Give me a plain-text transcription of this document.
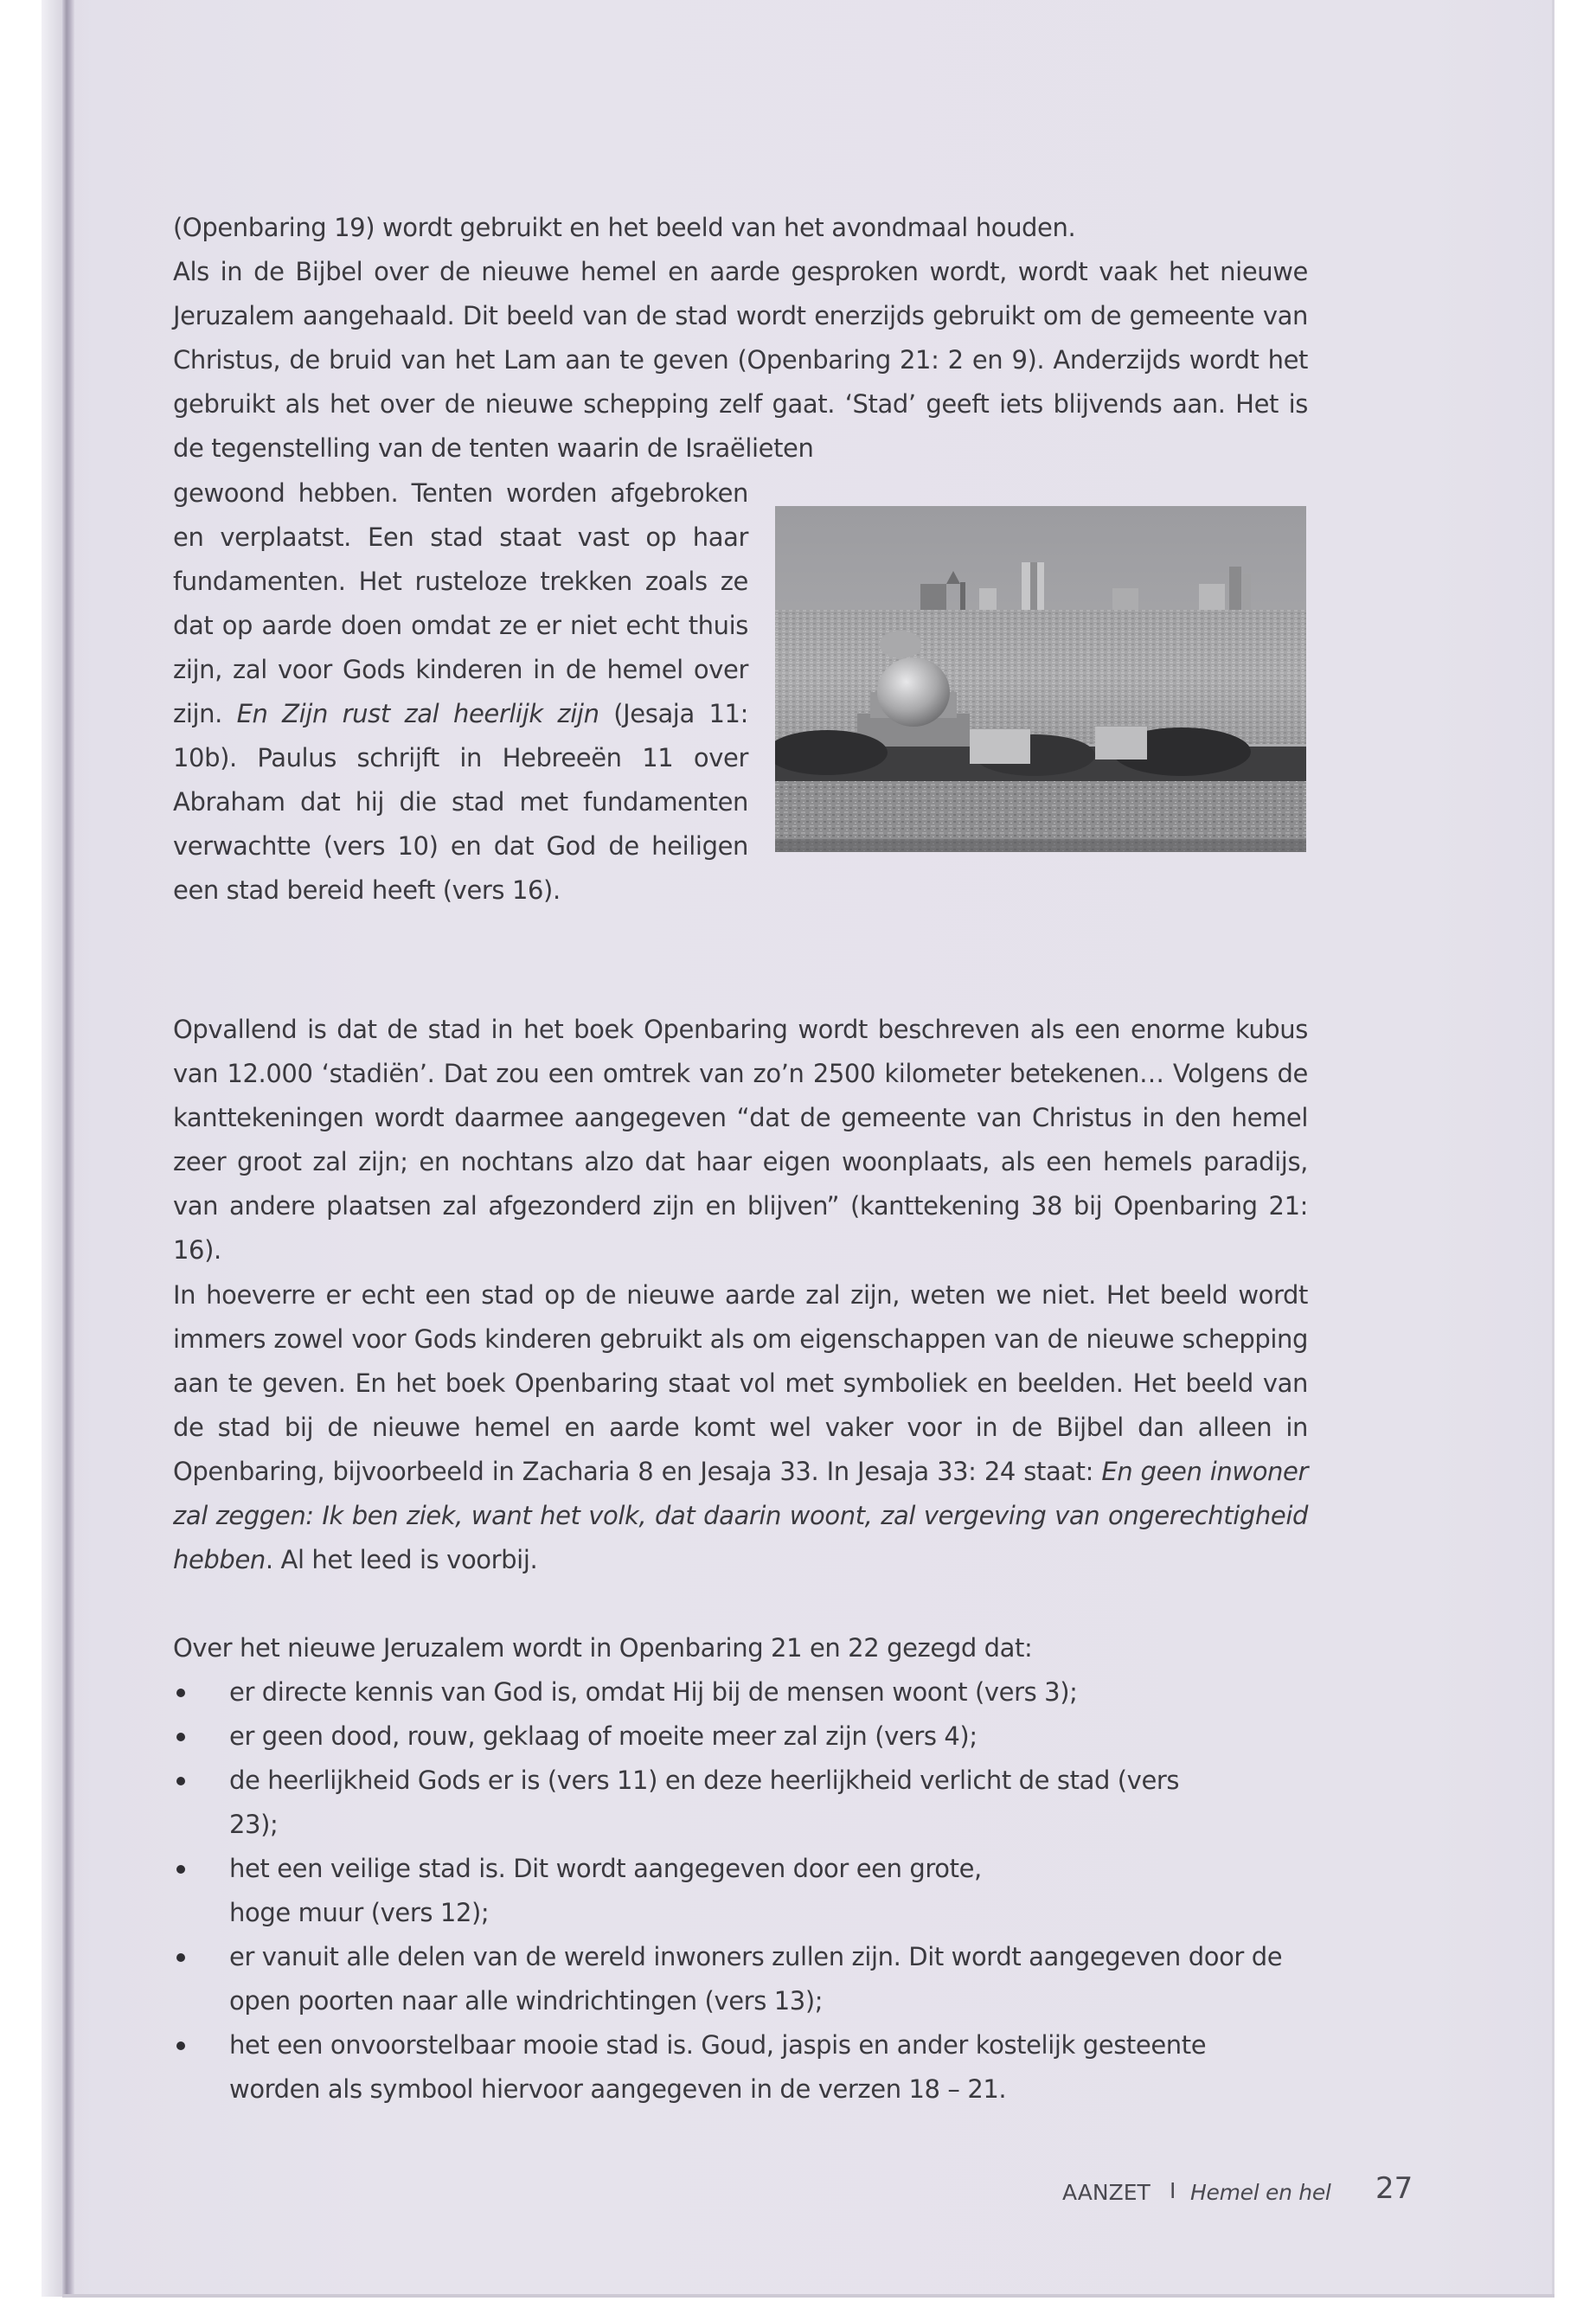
(Openbaring 19) wordt gebruikt en het beeld van het avondmaal houden.

Als in de Bijbel over de nieuwe hemel en aarde gesproken wordt, wordt vaak het nieuwe Jeruzalem aangehaald. Dit beeld van de stad wordt enerzijds gebruikt om de gemeente van Christus, de bruid van het Lam aan te geven (Openbaring 21: 2 en 9). Anderzijds wordt het gebruikt als het over de nieuwe schepping zelf gaat. ‘Stad’ geeft iets blijvends aan. Het is de tegenstelling van de tenten waarin de Israëlieten

gewoond hebben. Tenten worden afgebroken en verplaatst. Een stad staat vast op haar fundamenten. Het rusteloze trekken zoals ze dat op aarde doen omdat ze er niet echt thuis zijn, zal voor Gods kinderen in de hemel over zijn. En Zijn rust zal heerlijk zijn (Jesaja 11: 10b). Paulus schrijft in Hebreeën 11 over Abraham dat hij die stad met fundamenten verwachtte (vers 10) en dat God de heiligen een stad bereid heeft (vers 16).

Opvallend is dat de stad in het boek Openbaring wordt beschreven als een enorme kubus van 12.000 ‘stadiën’. Dat zou een omtrek van zo’n 2500 kilometer betekenen… Volgens de kanttekeningen wordt daarmee aangegeven “dat de gemeente van Christus in den hemel zeer groot zal zijn; en nochtans alzo dat haar eigen woonplaats, als een hemels paradijs, van andere plaatsen zal afgezonderd zijn en blijven” (kanttekening 38 bij Openbaring 21: 16).

In hoeverre er echt een stad op de nieuwe aarde zal zijn, weten we niet. Het beeld wordt immers zowel voor Gods kinderen gebruikt als om eigenschappen van de nieuwe schepping aan te geven. En het boek Openbaring staat vol met symboliek en beelden. Het beeld van de stad bij de nieuwe hemel en aarde komt wel vaker voor in de Bijbel dan alleen in Openbaring, bijvoorbeeld in Zacharia 8 en Jesaja 33. In Jesaja 33: 24 staat: En geen inwoner zal zeggen: Ik ben ziek, want het volk, dat daarin woont, zal vergeving van ongerechtigheid hebben. Al het leed is voorbij.

Over het nieuwe Jeruzalem wordt in Openbaring 21 en 22 gezegd dat:

er directe kennis van God is, omdat Hij bij de mensen woont (vers 3);
er geen dood, rouw, geklaag of moeite meer zal zijn (vers 4);
de heerlijkheid Gods er is (vers 11) en deze heerlijkheid verlicht de stad (vers 23);
het een veilige stad is. Dit wordt aangegeven door een grote, hoge muur (vers 12);
er vanuit alle delen van de wereld inwoners zullen zijn. Dit wordt aangegeven door de open poorten naar alle windrichtingen (vers 13);
het een onvoorstelbaar mooie stad is. Goud, jaspis en ander kostelijk gesteente worden als symbool hiervoor aangegeven in de verzen 18 – 21.
AANZET I Hemel en hel 27
